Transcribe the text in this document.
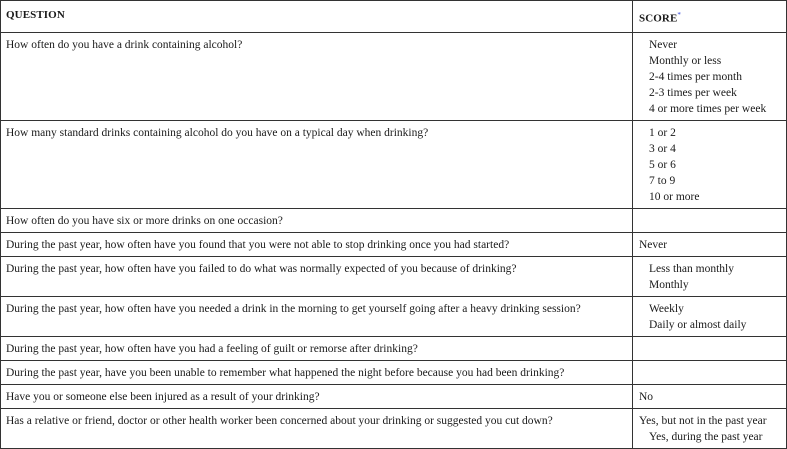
QUESTION	SCORE*
How often do you have a drink containing alcohol?	Never
Monthly or less
2-4 times per month
2-3 times per week
4 or more times per week

How many standard drinks containing alcohol do you have on a typical day when drinking?	1 or 2
3 or 4
5 or 6
7 to 9
10 or more

How often do you have six or more drinks on one occasion?	
During the past year, how often have you found that you were not able to stop drinking once you had started?	Never

During the past year, how often have you failed to do what was normally expected of you because of drinking?	Less than monthly
Monthly

During the past year, how often have you needed a drink in the morning to get yourself going after a heavy drinking session?	Weekly
Daily or almost daily

During the past year, how often have you had a feeling of guilt or remorse after drinking?	
During the past year, have you been unable to remember what happened the night before because you had been drinking?	
Have you or someone else been injured as a result of your drinking?	No

Has a relative or friend, doctor or other health worker been concerned about your drinking or suggested you cut down?	Yes, but not in the past year
Yes, during the past year
